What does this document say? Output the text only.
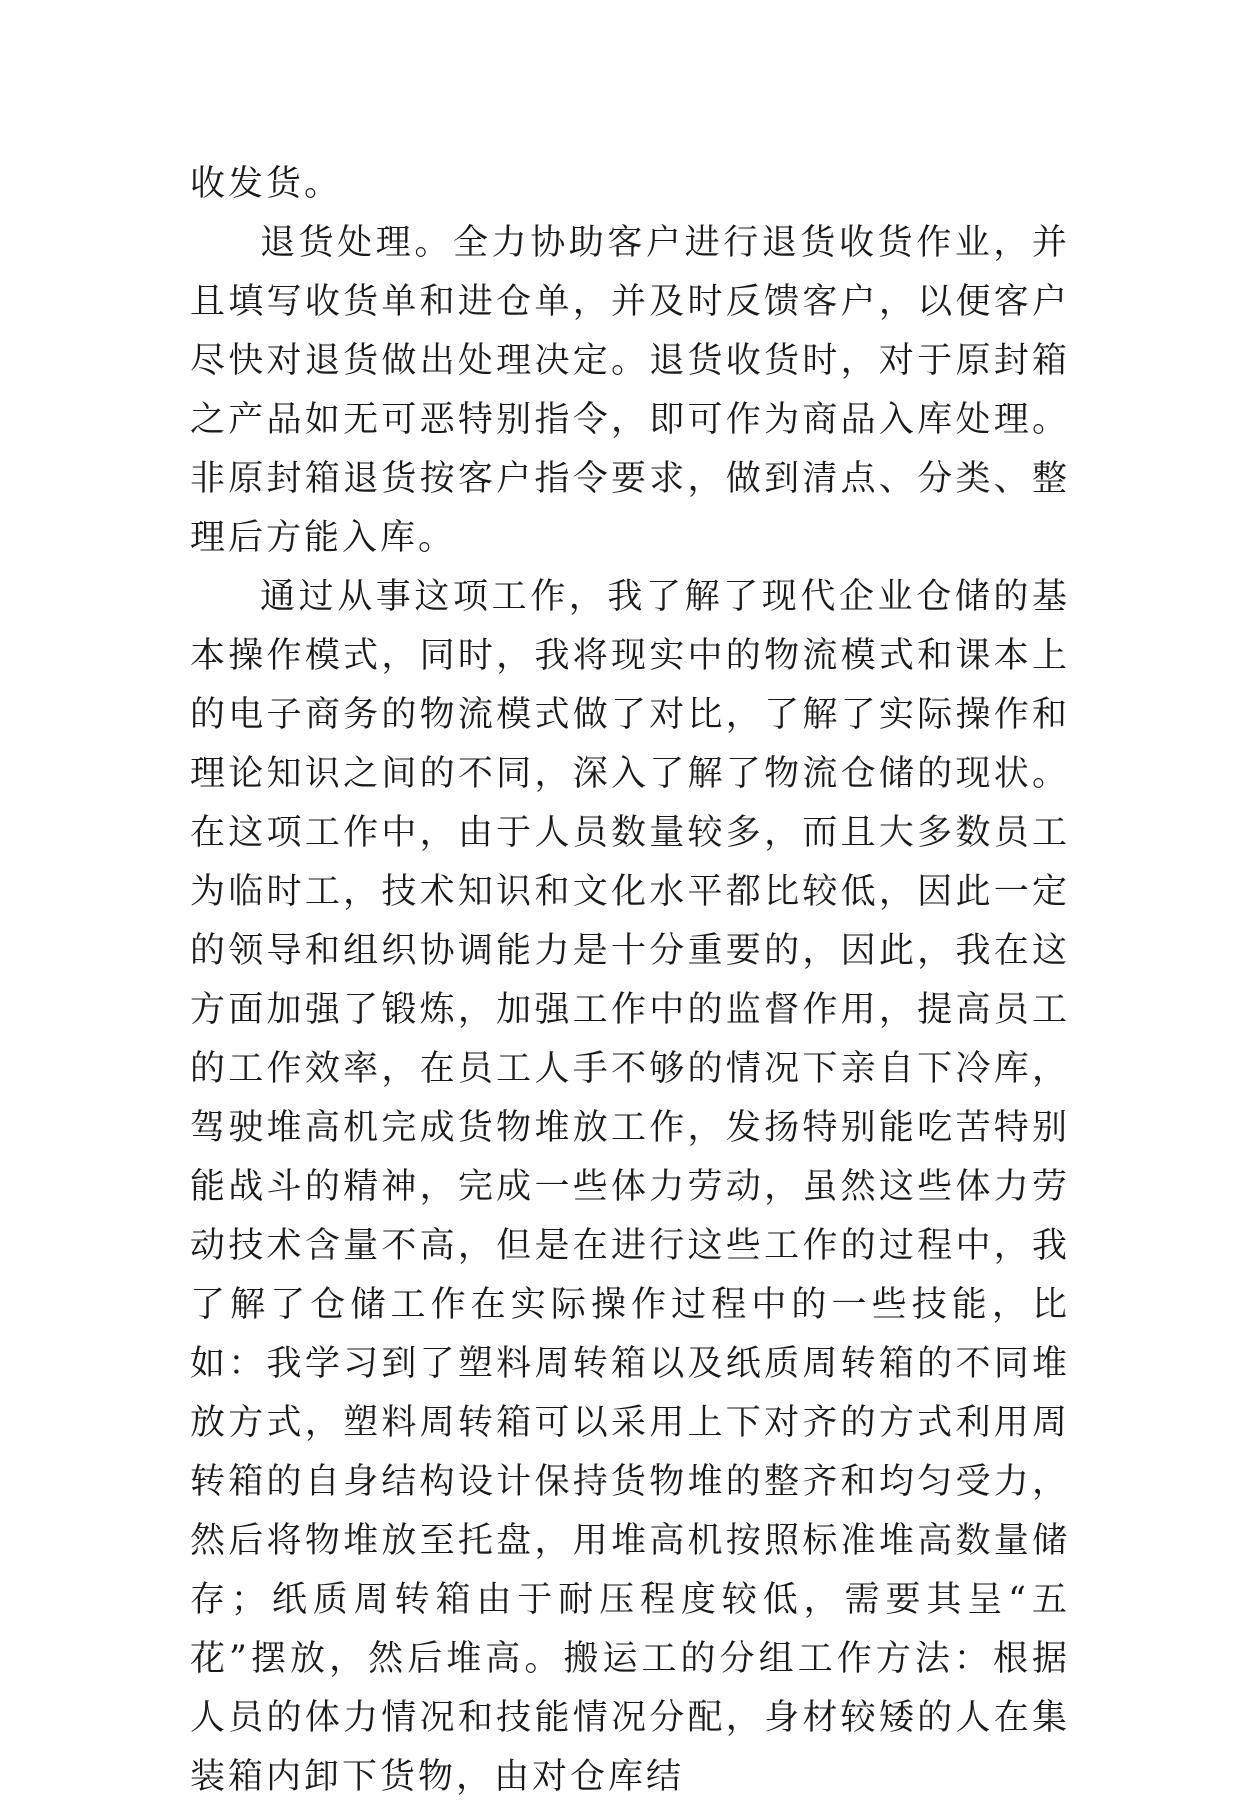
收发货。

退货处理。全力协助客户进行退货收货作业，并且填写收货单和进仓单，并及时反馈客户，以便客户尽快对退货做出处理决定。退货收货时，对于原封箱之产品如无可恶特别指令，即可作为商品入库处理。非原封箱退货按客户指令要求，做到清点、分类、整理后方能入库。

通过从事这项工作，我了解了现代企业仓储的基本操作模式，同时，我将现实中的物流模式和课本上的电子商务的物流模式做了对比，了解了实际操作和理论知识之间的不同，深入了解了物流仓储的现状。在这项工作中，由于人员数量较多，而且大多数员工为临时工，技术知识和文化水平都比较低，因此一定的领导和组织协调能力是十分重要的，因此，我在这方面加强了锻炼，加强工作中的监督作用，提高员工的工作效率，在员工人手不够的情况下亲自下冷库，驾驶堆高机完成货物堆放工作，发扬特别能吃苦特别能战斗的精神，完成一些体力劳动，虽然这些体力劳动技术含量不高，但是在进行这些工作的过程中，我了解了仓储工作在实际操作过程中的一些技能，比如：我学习到了塑料周转箱以及纸质周转箱的不同堆放方式，塑料周转箱可以采用上下对齐的方式利用周转箱的自身结构设计保持货物堆的整齐和均匀受力，然后将物堆放至托盘，用堆高机按照标准堆高数量储存；纸质周转箱由于耐压程度较低，需要其呈“五花”摆放，然后堆高。搬运工的分组工作方法：根据人员的体力情况和技能情况分配，身材较矮的人在集装箱内卸下货物，由对仓库结
